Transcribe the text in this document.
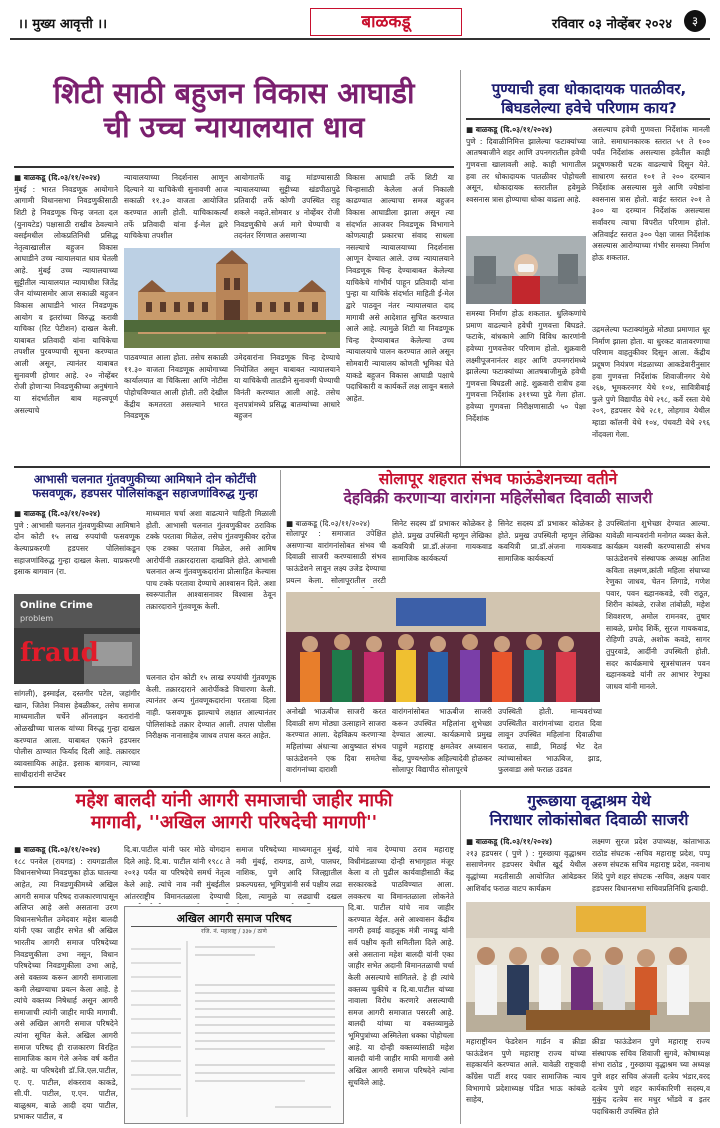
।। मुख्य आवृत्ती ।।	बाळकडू	रविवार ०३ नोव्हेंबर २०२४	३
शिटी साठी बहुजन विकास आघाडी
ची उच्च न्यायालयात धाव
■ बाळकडू (दि.०३/११/२०२४)
मुंबई : भारत निवडणूक आयोगाने आगामी विधानसभा निवडणुकीसाठी शिटी हे निवडणूक चिन्ह जनता दल (युनायटेड) पक्षासाठी राखीव ठेवल्याने वसईमधील लोकप्रतिनिधी प्रसिद्ध नेतृत्वाखालील बहुजन विकास आघाडीने उच्च न्यायालयात धाव घेतली आहे. मुंबई उच्च न्यायालयाच्या सुट्टीतील न्यायालयात न्यायाधीश जितेंद्र जैन यांच्यासमोर आज सकाळी बहुजन विकास आघाडीने भारत निवडणूक आयोग व इतरांच्या विरुद्ध करावी याचिका (रिट पेटीशन) दाखल केली. याबाबत प्रतिवादी यांना याचिकेचा तपशील पुरवण्याची सूचना करण्यात आली असून, त्यानंतर याबाबत सुनावणी होणार आहे. २० नोव्हेंबर रोजी होणाऱ्या निवडणुकीच्या अनुषंगाने या संदर्भातील बाब महत्त्वपूर्ण असल्याचे
न्यायालयाच्या निदर्शनास आणून दिल्याने या याचिकेची सुनावणी आज सकाळी ११.३० वाजता आयोजित करण्यात आली होती. याचिकाकर्त्यां तर्फे प्रतिवादी यांना ई-मेल द्वारे याचिकेचा तपशील
आयोगातर्फे वाढू मांडण्यासाठी न्यायालयाच्या सुट्टीच्या खंडपीठापुढे प्रतिवादी तर्फे कोणी उपस्थित राहू शकले नव्हते.सोमवार ४ नोव्हेंबर रोजी निवडणुकीचे अर्ज मागे घेण्याची व तदनंतर रिंगणात असणाऱ्या
पाठवण्यात आला होता. तसेच सकाळी ११.३० वाजता निवडणूक आयोगाच्या कार्यालयात वा चिकित्सा आणि नोटीस पोहोचविण्यात आली होती. तरी देखील केंद्रीय कमतरता असल्याने भारत निवडणूक
उमेदवारांना निवडणूक चिन्ह देण्याचे नियोजित असून याबाबत न्यायालयाने या याचिकेची तातडीने सुनावणी घेण्याची विनंती करण्यात आली आहे. तसेच वृत्तपत्रांमध्ये प्रसिद्ध बातम्यांच्या आधारे बहुजन
विकास आघाडी तर्फे शिटी या चिन्हासाठी केलेला अर्ज निकाली काढण्यात आल्याचा समज बहुजन विकास आघाडीला झाला असून त्या संदर्भात आजवर निवडणूक विभागाने कोणत्याही प्रकारचा संवाद साधला नसल्याचे न्यायालयाच्या निदर्शनास आणून देण्यात आले. उच्च न्यायालयाने निवडणूक चिन्ह देण्याबाबत केलेल्या याचिकेचे गांभीर्य पाहून प्रतिवादी यांना पुन्हा या याचिके संदर्भात माहिती ई-मेल द्वारे पाठवून नंतर न्यायालयात दाद मागावी असे आदेशात सुचित करण्यात आले आहे. त्यामुळे शिटी या निवडणूक चिन्ह देण्याबाबत केलेल्या उच्च न्यायालयाचे पालन करण्यात आले असून सोमवारी न्यायालय कोणती भूमिका घेते याकडे बहुजन विकास आघाडी पक्षाचे पदाधिकारी व कार्यकर्ते लक्ष लावून बसले आहेत.
पुण्याची हवा धोकादायक पातळीवर, बिघडलेल्या हवेचे परिणाम काय?
■ बाळकडू (दि.०३/११/२०२४)
पुणे : दिवाळीनिमित्त झालेल्या फटाक्यांच्या आतषबाजीने शहर आणि उपनगरातील हवेची गुणवत्ता खालावली आहे. काही भागातील हवा तर धोकादायक पातळीवर पोहोचली असून, धोकादायक स्तरातील हवेमुळे श्वसनास त्रास होण्याचा धोका वाढला आहे.
असल्याच हवेची गुणवत्ता निर्देशांक मानली जाते. समाधानकारक स्तरात ५१ ते १०० पर्यंत निर्देशांक असल्यास हवेतील काही प्रदूषणकारी घटक वाढल्याचे दिसून येते. साधारण स्तरात १०१ ते २०० दरम्यान निर्देशांक असल्यास मुले आणि ज्येष्ठांना श्वसनास त्रास होतो. वाईट स्तरात २०१ ते ३०० या दरम्यान निर्देशांक असल्यास सर्वांवरच त्याचा विपरीत परिणाम होतो. अतिवाईट स्तरात ३०० पेक्षा जास्त निर्देशांक असल्यास आरोग्याच्या गंभीर समस्या निर्माण होऊ शकतात.
समस्या निर्माण होऊ शकतात. धुलिकणांचे प्रमाण वाढल्याने हवेची गुणवत्ता बिघडते. फटाके, बांधकामे आणि विविध कारणांनी हवेच्या गुणवत्तेवर परिणाम होतो. शुक्रवारी लक्ष्मीपूजनानंतर शहर आणि उपनगरांमध्ये झालेल्या फटाक्यांच्या आतषबाजीमुळे हवेची गुणवत्ता बिघडली आहे. शुक्रवारी रात्रीच हवा गुणवत्ता निर्देशांक ३११च्या पुढे गेला होता. हवेच्या गुणवत्ता निरीक्षणासाठी ५० पेक्षा निर्देशांक
उद्रमलेल्या फटाक्यांमुळे मोठ्या प्रमाणात धूर निर्माण झाला होता. या धुरकट वातावरणाचा परिणाम वाहतुकीवर दिसून आला. केंद्रीय प्रदूषण नियंत्रण मंडळाच्या आकडेवारीनुसार हवा गुणवत्ता निर्देशांक शिवाजीनगर येथे २६७, भूमकरनगर येथे १०४, सावित्रीबाई फुले पुणे विद्यापीठ येथे २९८, कर्वे रस्ता येथे २०९, हडपसर येथे २८१, लोहगाव येथील म्हाडा कॉलनी येथे १०४, पंचवटी येथे २९६ नोंदवला गेला.
आभासी चलनात गुंतवणुकीच्या आमिषाने दोन कोटींची
फसवणूक, हडपसर पोलिसांकडून सहाजणांविरुद्ध गुन्हा
■ बाळकडू (दि.०३/११/२०२४)
पुणे : आभासी चलनात गुंतवणुकीच्या आमिषाने दोन कोटी १५ लाख रुपयांची फसवणूक केल्याप्रकरणी हडपसर पोलिसांकडून सहाजणांविरुद्ध गुन्हा दाखल केला. याप्रकरणी इसाक बागवान (रा.
Online Crime
problem
fraud
सांगली), इस्माईल, दस्तगीर पटेल, जहांगीर खान, जितेश निवास हेबळीकर, तसेच समाज माध्यमातील चर्चेने ऑनलाइन करारांनी ओळखीच्या चालक यांच्या विरुद्ध गुन्हा दाखल करण्यात आला. याबाबत एकाने हडपसर पोलीस ठाण्यात फिर्याद दिली आहे. तक्रारदार व्यावसायिक आहेत. इसाक बागवान, त्याच्या साथीदारांनी सप्टेंबर
माध्यमात चर्चा अशा वाढत्याने चाहिती मिळाली होती. आभासी चलनात गुंतवणुकीवर ठराविक टक्के परतावा मिळेल, तसेच गुंतवणुकीवर दरोज एक टक्का परतावा मिळेल, असे आमिष आरोपींनी तक्रारदाराला दाखविले होते. आभासी चलनात अन्य गुंतवणुकदारांना प्रोत्साहित केल्यास पाच टक्के परतावा देण्याचे आश्वासन दिले. अशा स्वरूपातील आश्वासनावर विश्वास ठेवून तक्रारदाराने गुंतवणूक केली.
चलनात दोन कोटी १५ लाख रुपयांची गुंतवणूक केली. तक्रारदाराने आरोपींकडे विचारणा केली. त्यानंतर अन्य गुंतवणूकदारांना परतावा दिला नाही. फसवणूक झाल्याचे लक्षात आल्यानंतर पोलिसांकडे तक्रार देण्यात आली. तपास पोलीस निरीक्षक नानासाहेब जाधव तपास करत आहेत.
सोलापूर शहरात संभव फाऊंडेशनच्या वतीने
देहविक्री करणाऱ्या वारांगना महिलेंसोबत दिवाळी साजरी
■ बाळकडू (दि.०३/११/२०२४)
सोलापूर : समाजात उपेक्षित असणाऱ्या वारांगनांसोबत संभव ची दिवाळी साजरी करण्यासाठी संभव फाऊंडेशने लावून लक्ष्य उजेड देण्याचा प्रयत्न केला. सोलापूरातील तरटी
सिनेट सदस्य डॉ प्रभाकर कोळेकर हे होते. प्रमुख उपस्थिती म्हणून लेखिका कवयित्री प्रा.डॉ.अंजना गायकवाड सामाजिक कार्यकर्त्या
सिनेट सदस्य डॉ प्रभाकर कोळेकर हे होते. प्रमुख उपस्थिती म्हणून लेखिका कवयित्री प्रा.डॉ.अंजना गायकवाड सामाजिक कार्यकर्त्या
उपस्थितांना शुभेच्छा देण्यात आल्या. यावेळी मान्यवरांनी मनोगत व्यक्त केले. कार्यक्रम यशस्वी करण्यासाठी संभव फाऊंडेशनचे संस्थापक अध्यक्ष आतिश कविता लक्ष्मण,क्रांती महिला संघाच्या रेणुका जाधव, चेतन लिगाडे, गणेश पवार, पवन ख्हानकवडे, रवी राठूत, शिरीन कांबळे, राजेश तांबोळी, महेश शिवशरण, अमोल रामनवर, तुषार साबळे, प्रमोद शिर्के, सुरज गायकवाड, रोहिणी उपळे, अशोक कवडे, सागर तुपुरवाडे, आदींनी उपस्थिती होती. सदर कार्यक्रमाचे सूत्रसंचालन पवन ख्हानकवडे यांनी तर आभार रेणुका जाधव यांनी मानले.
अनोखी भाऊबीज साजरी करत दिवाळी सण मोठ्या उत्साहाने साजरा करण्यात आला. देहविक्रय करणाऱ्या महिलांच्या अंधाऱ्या आयुष्यात संभव फाऊंडेशनने एक दिवा समतेचा वारांगनांच्या दाराशी
वारांगनांसोबत भाऊबीज साजरी करून उपस्थित महिलांना शुभेच्छा देण्यात आल्या. कार्यक्रमाचे प्रमुख पाहुणे महाराष्ट्र क्षमतेवर अध्यासन केंद्र, पुण्यश्लोक अहिल्यादेवी होळकर सोलापूर विद्यापीठ सोलापूरचे
उपस्थिती होती. मान्यवरांच्या उपस्थितीत वारांगनांच्या दारात दिवा लावून उपस्थित महिलांना दिवाळीचा फराळ, साडी, मिठाई भेट देत त्यांच्यासोबत भाऊबिज, झाड, फुलवाडा असे फराळ उडवत
महेश बालदी यांनी आगरी समाजाची जाहीर माफी
मागावी, ''अखिल आगरी परिषदेची मागणी''
■ बाळकडू (दि.०३/११/२०२४)
१८८ पनवेल (रायगड) : रायगडातील विधानसभेच्या निवडणुका होऊ घातल्या आहेत, त्या निवडणुकीमध्ये अखिल आगरी समाज परिषद राजकारणापासून अलिप्त आहे असे असताना उरण विधानसभेतील उमेदवार महेश बालदी यांनी एका जाहीर सभेत श्री अखिल भारतीय आगरी समाज परिषदेच्या निवडणुकीला उभा नसून, विधान परिषदेच्या निवडणुकीला उभा आहे, असे वक्तव्य करून आगरी समाजाला कमी लेखण्याचा प्रयत्न केला आहे. हे त्यांचे वक्तव्य निषेधार्ह असून आगरी समाजाची त्यांनी जाहीर माफी मागावी. असे अखिल आगरी समाज परिषदेने त्यांना सूचित केले. अखिल आगरी समाज परिषद ही राजकारण विरहित सामाजिक काम गेले अनेक वर्ष करीत आहे. या परिषदेशी डॉ.जि.एल.पाटील, ए. ए. पाटील, शंकरराव काकडे, सी.पी. पाटील, ए.एन. पाटील, बाळुश्रम, बाळे आदी दया पाटील, प्रभाकर पाटील, व
दि.बा.पाटील यांनी फार मोठे योगदान दिले आहे. दि.बा. पाटील यांनी १९८८ ते २०१३ पर्यंत या परिषदेचे समर्थ नेतृत्व केले आहे. त्यांचे नाव नवी मुंबईतील आंतरराष्ट्रीय विमानतळाला देण्याची
समाज परिषदेच्या माध्यमातून मुंबई, नवी मुंबई, रायगड, ठाणे, पालघर, नाशिक, पुणे आदि जिल्ह्यातील प्रकल्पग्रस्त, भूमिपुत्रांनी सर्व पक्षीय लढा दिला, त्यामुळे या लढ्याची दखल
अखिल आगरी समाज परिषद
रजि. नं. महाराष्ट्र / ३३७ / ठाणे
यांचे नाव देण्याचा ठराव महाराष्ट्र विधीमंडळाच्या दोन्ही सभागृहात मंजूर केला व तो पुढील कार्यवाहीसाठी केंद्र सरकारकडे पाठविण्यात आला. लवकरच या विमानतळाला लोकनेते दि.बा. पाटील यांचे नाव जाहीर करण्यात येईल. असे आश्वासन केंद्रीय नागरी हवाई वाहतूक मंत्री नायडू यांनी सर्व पक्षीय कृती समितीला दिले आहे. असे असताना महेश बालदी यांनी एका जाहीर सभेत अदानी विमानतळाची चर्चा केली असल्याचे सांगितले. हे ही त्यांचे वक्तव्य चुकीचे व दि.बा.पाटील यांच्या नावाला विरोध करणारे असल्याची समज आगरी समाजात पसरली आहे. बालदी यांच्या या वक्तव्यामुळे भूमिपुत्रांच्या अस्मितेला धक्का पोहोचला आहे. या दोन्ही वक्तव्यांसाठी महेश बालदी यांनी जाहीर माफी मागावी असे अखिल आगरी समाज परिषदेने त्यांना सूचविले आहे.
गुरूछाया वृद्धाश्रम येथे
निराधार लोकांसोबत दिवाळी साजरी
■ बाळकडू (दि.०३/११/२०२४)
२१३ हडपसर ( पुणे ) : गुरुछाया वृद्धाश्रम ससाणेनगर हडपसर येथील खूर्द येथील वृद्धांच्या मदतीसाठी आयोजित आंबेडकर आशिर्वाद फराळ वाटप कार्यक्रम
लक्ष्मण सुरज प्रदेश उपाध्यक्ष, कांताभाऊ राठोड संघटक -सचिव महाराष्ट्र प्रदेश, पप्पू अरुण संघटक सचिव महाराष्ट्र प्रदेश, नवनाथ शिंदे पुणे शहर संघटक -सचिव, अक्षय पवार हडपसर विधानसभा सचिवप्रतिनिधि इत्यादी.
महाराष्ट्रीयन फेडरेशन गार्डन व क्रीडा फाऊंडेशन पुणे महाराष्ट्र राज्य यांच्या सहकार्याने करण्यात आले. यावेळी राष्ट्रवादी काँग्रेस पार्टी शरद पवार सामाजिक न्याय विभागाचे प्रदेशाध्यक्ष पंडित भाऊ कांबळे साहेब,
क्रीडा फाऊंडेशन पुणे महाराष्ट्र राज्य संस्थापक सचिव शिवाजी सुगवे, कोषाध्यक्ष संभा राठोड , गुरुछाया वृद्धाश्रम च्या अध्यक्ष पुणे शहर सचिव अंजली दत्त्रेय भंडार,वरद दत्त्रेय पुणे शहर कार्यकारिणी सदस्य,व मुकुंद दत्त्रेय सर मधुर भोंडवे व इतर पदाधिकारी उपस्थित होते
